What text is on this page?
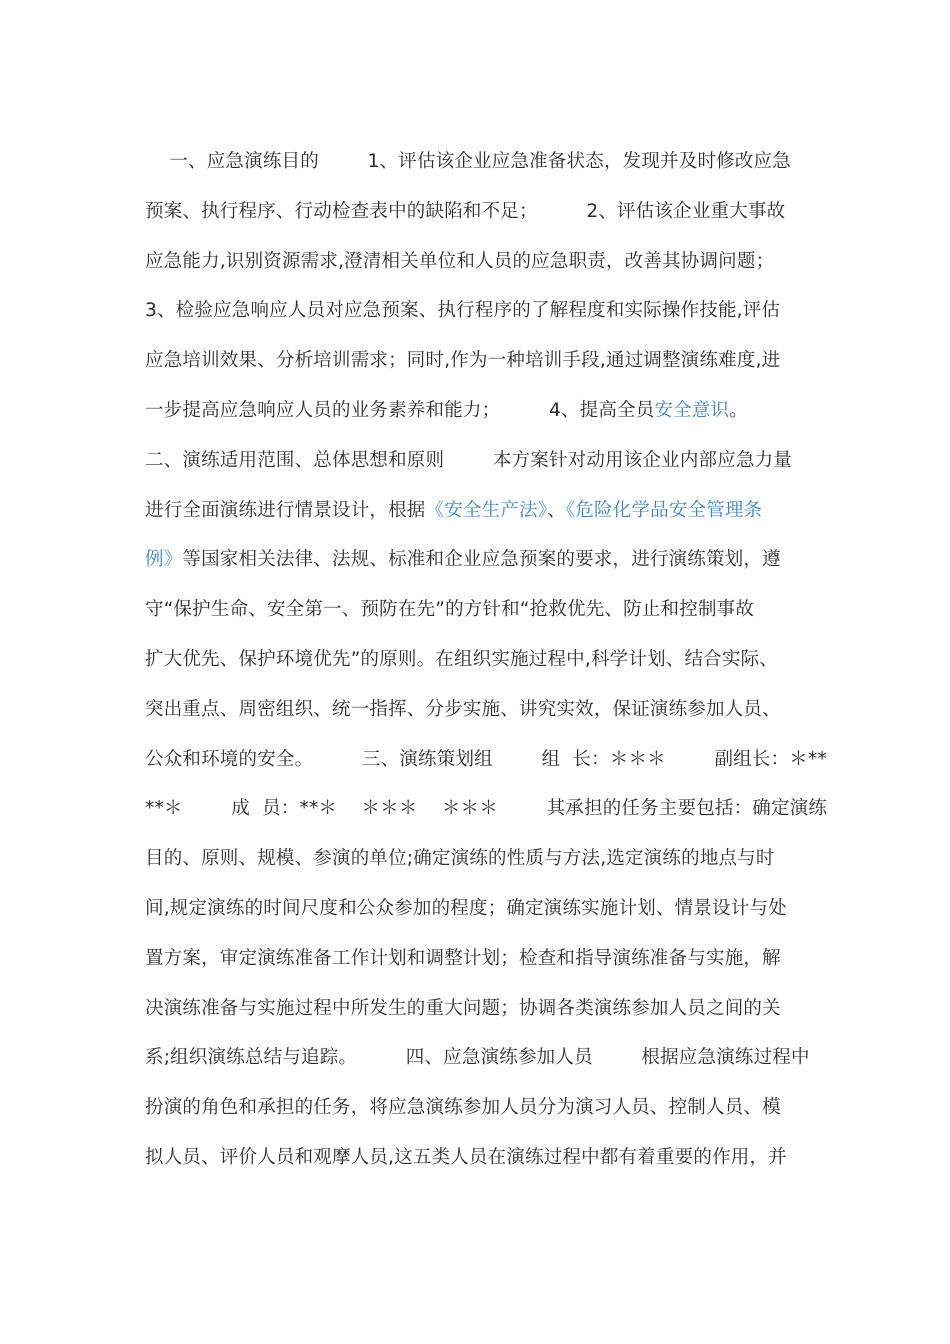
一、应急演练目的        1、评估该企业应急准备状态，发现并及时修改应急
预案、执行程序、行动检查表中的缺陷和不足；        2、评估该企业重大事故
应急能力,识别资源需求,澄清相关单位和人员的应急职责，改善其协调问题；
3、检验应急响应人员对应急预案、执行程序的了解程度和实际操作技能,评估
应急培训效果、分析培训需求；同时,作为一种培训手段,通过调整演练难度,进
一步提高应急响应人员的业务素养和能力；        4、提高全员安全意识。
二、演练适用范围、总体思想和原则        本方案针对动用该企业内部应急力量
进行全面演练进行情景设计，根据《安全生产法》、《危险化学品安全管理条
例》等国家相关法律、法规、标准和企业应急预案的要求，进行演练策划，遵
守“保护生命、安全第一、预防在先”的方针和“抢救优先、防止和控制事故
扩大优先、保护环境优先”的原则。在组织实施过程中,科学计划、结合实际、
突出重点、周密组织、统一指挥、分步实施、讲究实效，保证演练参加人员、
公众和环境的安全。        三、演练策划组        组  长：＊＊＊        副组长：＊**
**＊        成  员：**＊    ＊＊＊    ＊＊＊        其承担的任务主要包括：确定演练
目的、原则、规模、参演的单位;确定演练的性质与方法,选定演练的地点与时
间,规定演练的时间尺度和公众参加的程度；确定演练实施计划、情景设计与处
置方案，审定演练准备工作计划和调整计划；检查和指导演练准备与实施，解
决演练准备与实施过程中所发生的重大问题；协调各类演练参加人员之间的关
系;组织演练总结与追踪。        四、应急演练参加人员        根据应急演练过程中
扮演的角色和承担的任务，将应急演练参加人员分为演习人员、控制人员、模
拟人员、评价人员和观摩人员,这五类人员在演练过程中都有着重要的作用，并
